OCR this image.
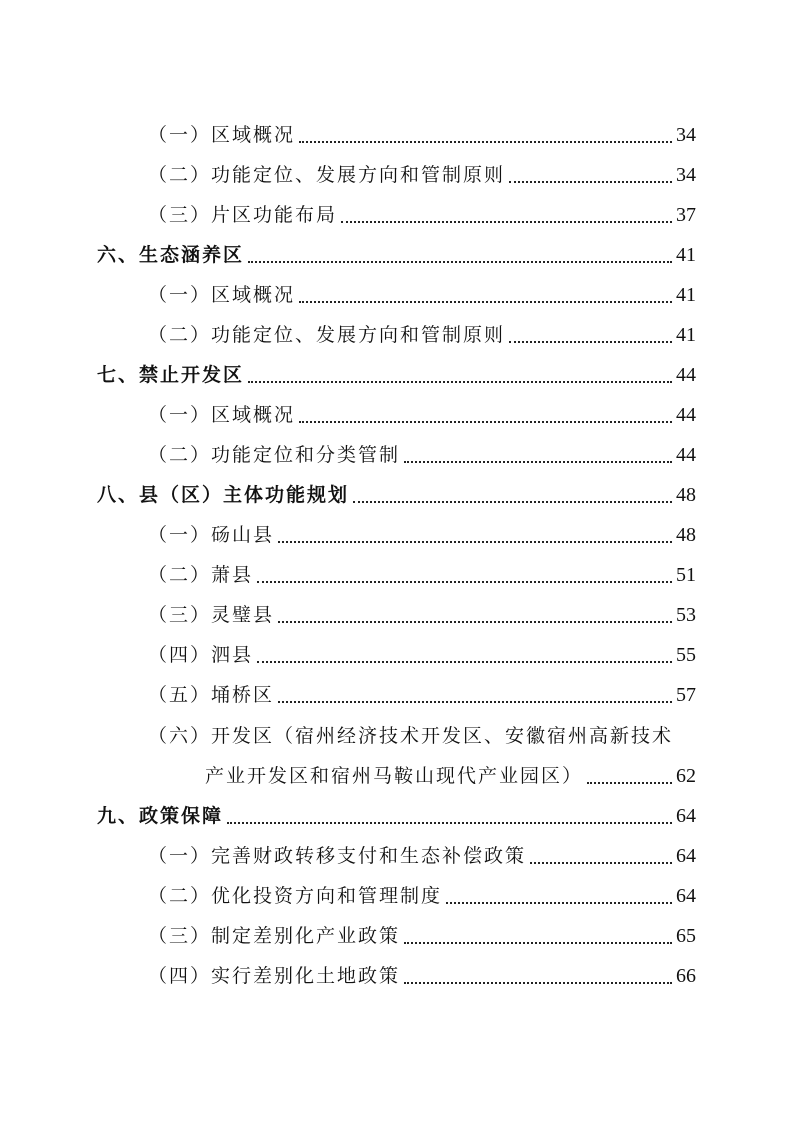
（一）区域概况	34
（二）功能定位、发展方向和管制原则	34
（三）片区功能布局	37
六、生态涵养区	41
（一）区域概况	41
（二）功能定位、发展方向和管制原则	41
七、禁止开发区	44
（一）区域概况	44
（二）功能定位和分类管制	44
八、县（区）主体功能规划	48
（一）砀山县	48
（二）萧县	51
（三）灵璧县	53
（四）泗县	55
（五）埇桥区	57
（六）开发区（宿州经济技术开发区、安徽宿州高新技术
产业开发区和宿州马鞍山现代产业园区）	62
九、政策保障	64
（一）完善财政转移支付和生态补偿政策	64
（二）优化投资方向和管理制度	64
（三）制定差别化产业政策	65
（四）实行差别化土地政策	66
